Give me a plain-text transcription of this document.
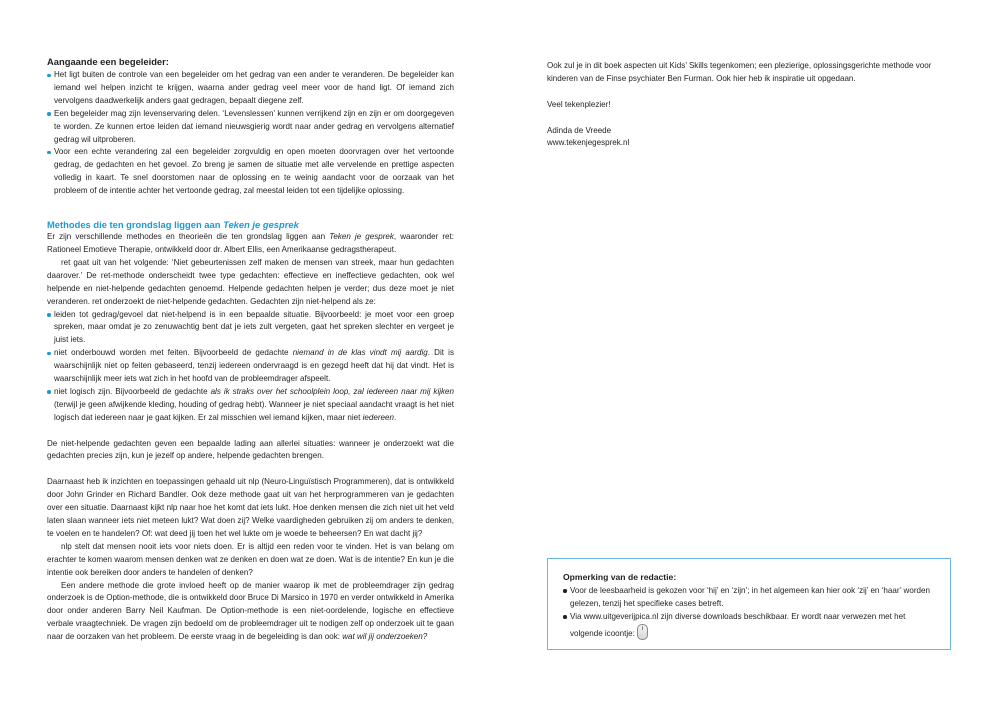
Aangaande een begeleider:
Het ligt buiten de controle van een begeleider om het gedrag van een ander te veranderen. De begeleider kan iemand wel helpen inzicht te krijgen, waarna ander gedrag veel meer voor de hand ligt. Of iemand zich vervolgens daadwerkelijk anders gaat gedragen, bepaalt diegene zelf.
Een begeleider mag zijn levenservaring delen. ‘Levenslessen’ kunnen verrijkend zijn en zijn er om doorgegeven te worden. Ze kunnen ertoe leiden dat iemand nieuwsgierig wordt naar ander gedrag en vervolgens alternatief gedrag wil uitproberen.
Voor een echte verandering zal een begeleider zorgvuldig en open moeten doorvragen over het vertoonde gedrag, de gedachten en het gevoel. Zo breng je samen de situatie met alle vervelende en prettige aspecten volledig in kaart. Te snel doorstomen naar de oplossing en te weinig aandacht voor de oorzaak van het probleem of de intentie achter het vertoonde gedrag, zal meestal leiden tot een tijdelijke oplossing.
Methodes die ten grondslag liggen aan Teken je gesprek

Er zijn verschillende methodes en theorieën die ten grondslag liggen aan Teken je gesprek, waaronder ret: Rationeel Emotieve Therapie, ontwikkeld door dr. Albert Ellis, een Amerikaanse gedragstherapeut.

ret gaat uit van het volgende: ‘Niet gebeurtenissen zelf maken de mensen van streek, maar hun gedachten daarover.’ De ret-methode onderscheidt twee type gedachten: effectieve en ineffectieve gedachten, ook wel helpende en niet-helpende gedachten genoemd. Helpende gedachten helpen je verder; dus deze moet je niet veranderen. ret onderzoekt de niet-helpende gedachten. Gedachten zijn niet-helpend als ze:

leiden tot gedrag/gevoel dat niet-helpend is in een bepaalde situatie. Bijvoorbeeld: je moet voor een groep spreken, maar omdat je zo zenuwachtig bent dat je iets zult vergeten, gaat het spreken slechter en vergeet je juist iets.
niet onderbouwd worden met feiten. Bijvoorbeeld de gedachte niemand in de klas vindt mij aardig. Dit is waarschijnlijk niet op feiten gebaseerd, tenzij iedereen ondervraagd is en gezegd heeft dat hij dat vindt. Het is waarschijnlijk meer iets wat zich in het hoofd van de probleemdrager afspeelt.
niet logisch zijn. Bijvoorbeeld de gedachte als ik straks over het schoolplein loop, zal iedereen naar mij kijken (terwijl je geen afwijkende kleding, houding of gedrag hebt). Wanneer je niet speciaal aandacht vraagt is het niet logisch dat iedereen naar je gaat kijken. Er zal misschien wel iemand kijken, maar niet iedereen.

De niet-helpende gedachten geven een bepaalde lading aan allerlei situaties: wanneer je onderzoekt wat die gedachten precies zijn, kun je jezelf op andere, helpende gedachten brengen.

Daarnaast heb ik inzichten en toepassingen gehaald uit nlp (Neuro-Linguïstisch Programmeren), dat is ontwikkeld door John Grinder en Richard Bandler. Ook deze methode gaat uit van het herprogrammeren van je gedachten over een situatie. Daarnaast kijkt nlp naar hoe het komt dat iets lukt. Hoe denken mensen die zich niet uit het veld laten slaan wanneer iets niet meteen lukt? Wat doen zij? Welke vaardigheden gebruiken zij om anders te denken, te voelen en te handelen? Of: wat deed jij toen het wel lukte om je woede te beheersen? En wat dacht jij?

nlp stelt dat mensen nooit iets voor niets doen. Er is altijd een reden voor te vinden. Het is van belang om erachter te komen waarom mensen denken wat ze denken en doen wat ze doen. Wat is de intentie? En kun je die intentie ook bereiken door anders te handelen of denken?

Een andere methode die grote invloed heeft op de manier waarop ik met de probleemdrager zijn gedrag onderzoek is de Option-methode, die is ontwikkeld door Bruce Di Marsico in 1970 en verder ontwikkeld in Amerika door onder anderen Barry Neil Kaufman. De Option-methode is een niet-oordelende, logische en effectieve verbale vraagtechniek. De vragen zijn bedoeld om de probleemdrager uit te nodigen zelf op onderzoek uit te gaan naar de oorzaken van het probleem. De eerste vraag in de begeleiding is dan ook: wat wil jij onderzoeken?

Ook zul je in dit boek aspecten uit Kids’ Skills tegenkomen; een plezierige, oplossingsgerichte methode voor kinderen van de Finse psychiater Ben Furman. Ook hier heb ik inspiratie uit opgedaan.

Veel tekenplezier!

Adinda de Vreede

www.tekenjegesprek.nl

Opmerking van de redactie:
Voor de leesbaarheid is gekozen voor ‘hij’ en ‘zijn’; in het algemeen kan hier ook ‘zij’ en ‘haar’ worden gelezen, tenzij het specifieke cases betreft.
Via www.uitgeverijpica.nl zijn diverse downloads beschikbaar. Er wordt naar verwezen met het volgende icoontje:
